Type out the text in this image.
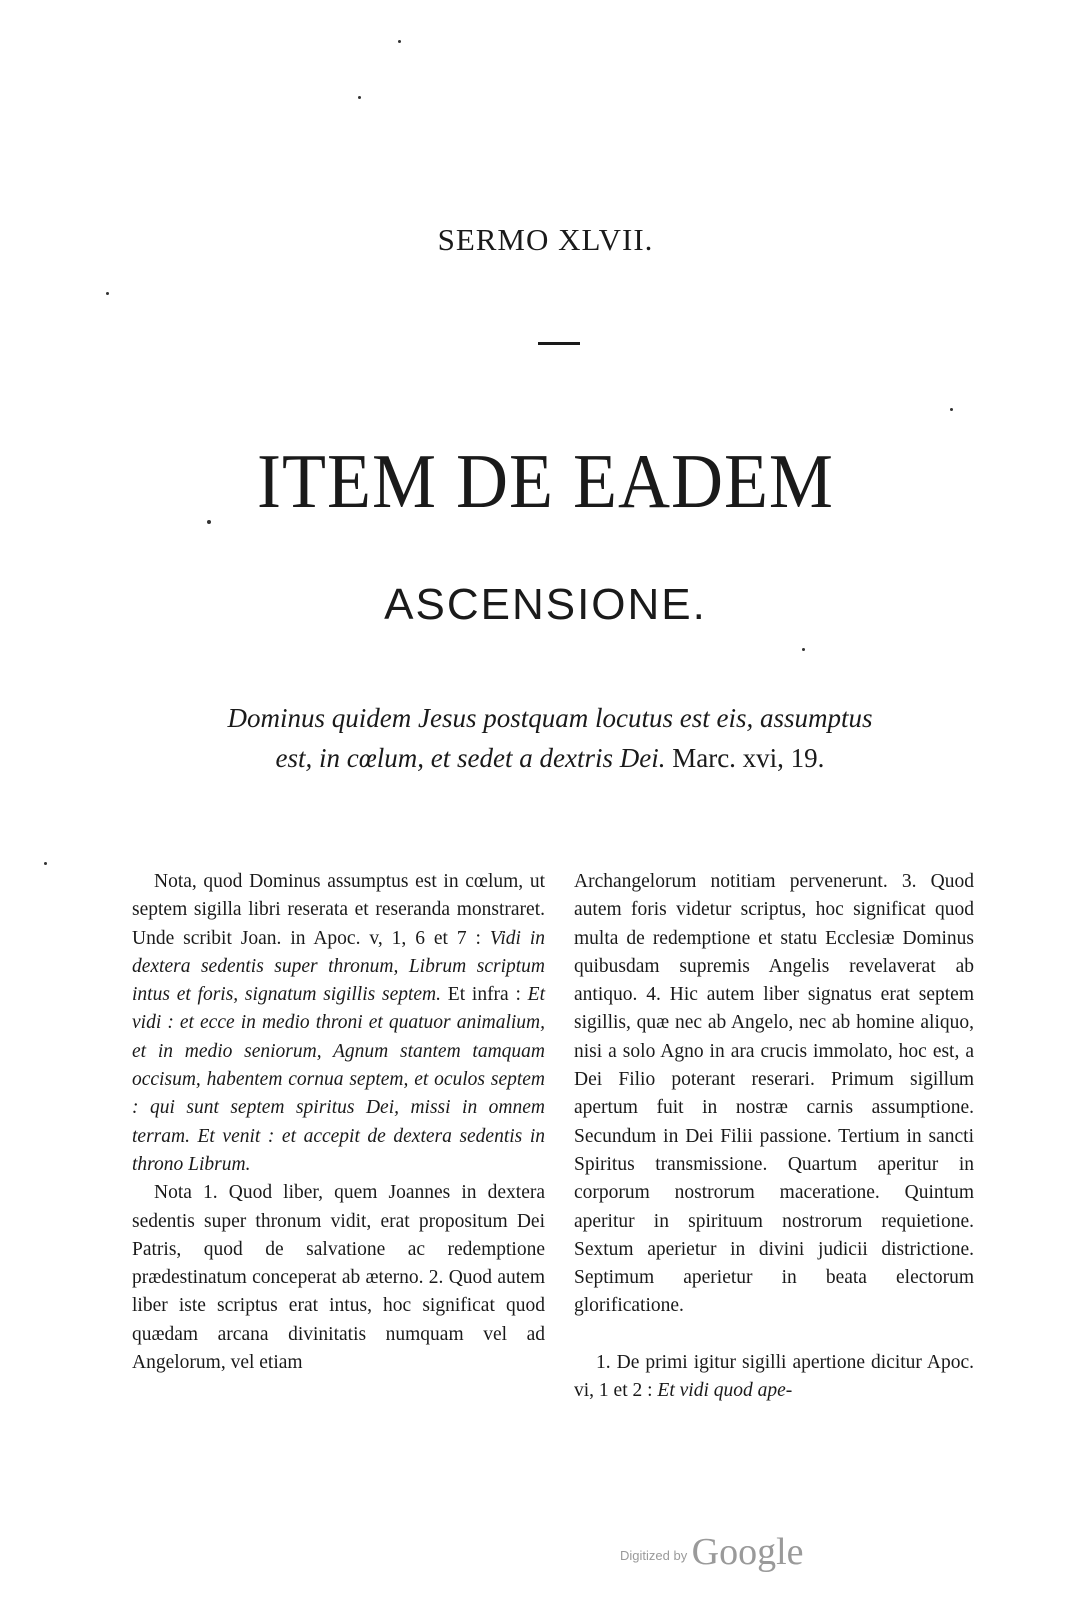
SERMO XLVII.
ITEM DE EADEM
ASCENSIONE.
Dominus quidem Jesus postquam locutus est eis, assumptus
est, in cœlum, et sedet a dextris Dei. Marc. xvi, 19.

Nota, quod Dominus assumptus est in cœlum, ut septem sigilla libri reserata et reseranda monstraret. Unde scribit Joan. in Apoc. v, 1, 6 et 7 : Vidi in dextera sedentis super thronum, Librum scriptum intus et foris, signatum sigillis septem. Et infra : Et vidi : et ecce in medio throni et quatuor animalium, et in medio seniorum, Agnum stantem tamquam occisum, habentem cornua septem, et oculos septem : qui sunt septem spiritus Dei, missi in omnem terram. Et venit : et accepit de dextera sedentis in throno Librum.

Nota 1. Quod liber, quem Joannes in dextera sedentis super thronum vidit, erat propositum Dei Patris, quod de salvatione ac redemptione prædestinatum conceperat ab æterno. 2. Quod autem liber iste scriptus erat intus, hoc significat quod quædam arcana divinitatis numquam vel ad Angelorum, vel etiam

Archangelorum notitiam pervenerunt. 3. Quod autem foris videtur scriptus, hoc significat quod multa de redemptione et statu Ecclesiæ Dominus quibusdam supremis Angelis revelaverat ab antiquo. 4. Hic autem liber signatus erat septem sigillis, quæ nec ab Angelo, nec ab homine aliquo, nisi a solo Agno in ara crucis immolato, hoc est, a Dei Filio poterant reserari. Primum sigillum apertum fuit in nostræ carnis assumptione. Secundum in Dei Filii passione. Tertium in sancti Spiritus transmissione. Quartum aperitur in corporum nostrorum maceratione. Quintum aperitur in spirituum nostrorum requietione. Sextum aperietur in divini judicii districtione. Septimum aperietur in beata electorum glorificatione.

1. De primi igitur sigilli apertione dicitur Apoc. vi, 1 et 2 : Et vidi quod ape-

$^{Digitized by}$ Google
